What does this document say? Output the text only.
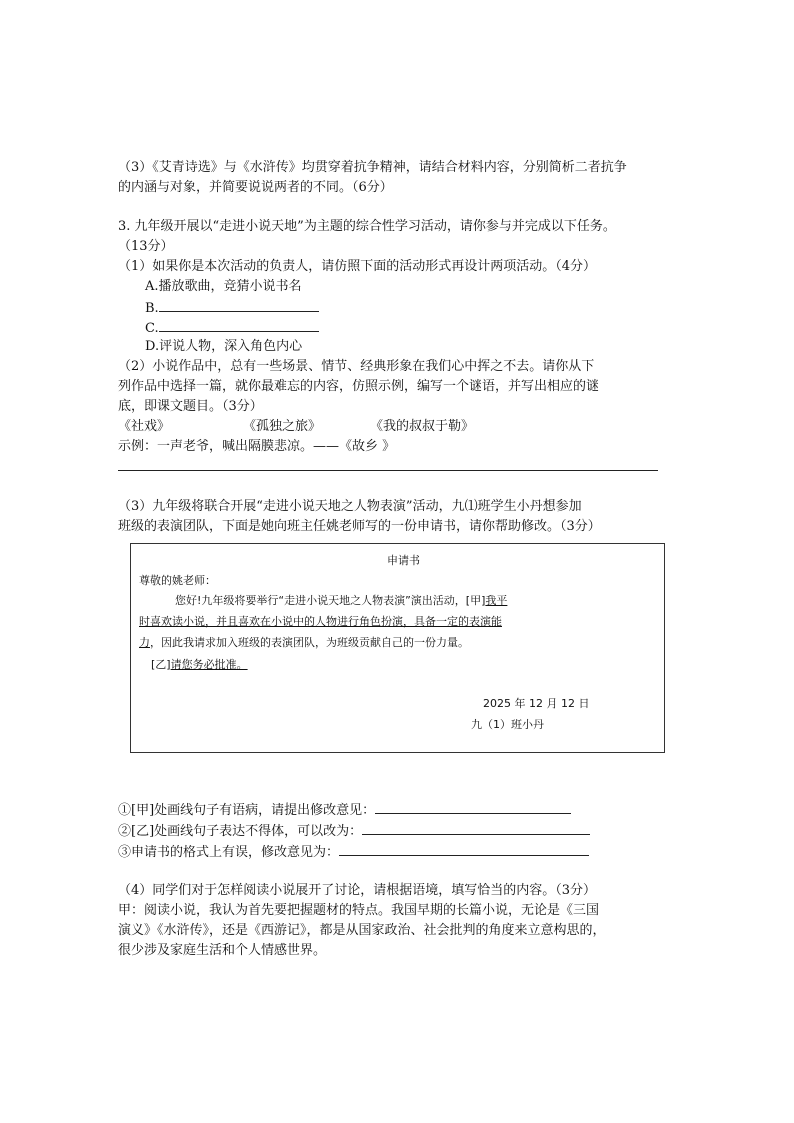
（3）《艾青诗选》与《水浒传》均贯穿着抗争精神，请结合材料内容，分别简析二者抗争
的内涵与对象，并简要说说两者的不同。（6分）
3. 九年级开展以“走进小说天地”为主题的综合性学习活动，请你参与并完成以下任务。
（13分）
（1）如果你是本次活动的负责人，请仿照下面的活动形式再设计两项活动。（4分）
A.播放歌曲，竞猜小说书名
B.
C.
D.评说人物，深入角色内心
（2）小说作品中，总有一些场景、情节、经典形象在我们心中挥之不去。请你从下
列作品中选择一篇，就你最难忘的内容，仿照示例，编写一个谜语，并写出相应的谜
底，即课文题目。（3分）
《社戏》	《孤独之旅》	《我的叔叔于勒》
示例：一声老爷，喊出隔膜悲凉。——《故乡 》
（3）九年级将联合开展“走进小说天地之人物表演”活动，九⑴班学生小丹想参加
班级的表演团队，下面是她向班主任姚老师写的一份申请书，请你帮助修改。（3分）
申请书
尊敬的姚老师：
您好!九年级将要举行“走进小说天地之人物表演”演出活动，[甲]我平
时喜欢读小说，并且喜欢在小说中的人物进行角色扮演，具备一定的表演能
力，因此我请求加入班级的表演团队，为班级贡献自己的一份力量。
[乙]请您务必批准。
2025 年 12 月 12 日
九（1）班小丹
①[甲]处画线句子有语病，请提出修改意见：
②[乙]处画线句子表达不得体，可以改为：
③申请书的格式上有误，修改意见为：
（4）同学们对于怎样阅读小说展开了讨论，请根据语境，填写恰当的内容。（3分）
甲：阅读小说，我认为首先要把握题材的特点。我国早期的长篇小说，无论是《三国
演义》《水浒传》，还是《西游记》，都是从国家政治、社会批判的角度来立意构思的，
很少涉及家庭生活和个人情感世界。
